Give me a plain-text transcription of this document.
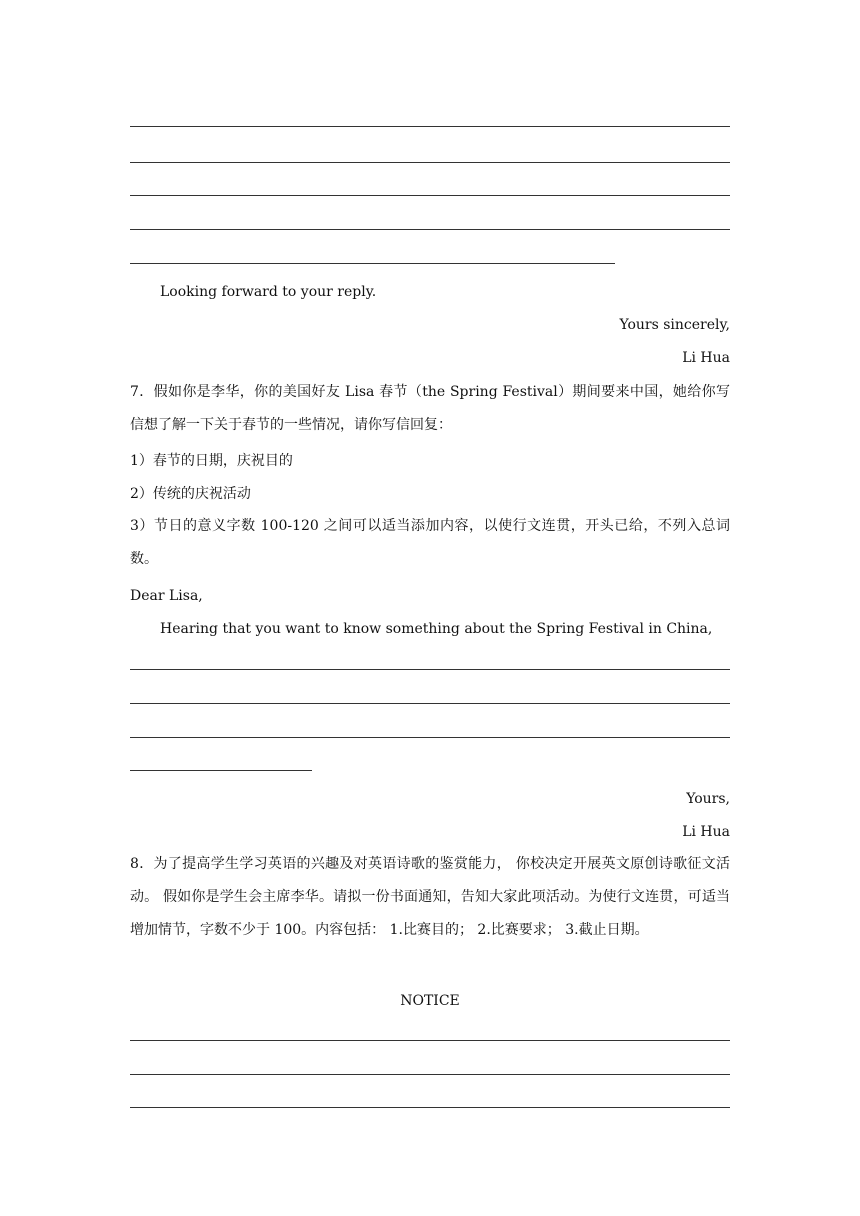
Looking forward to your reply.
Yours sincerely,
Li Hua
7．假如你是李华，你的美国好友 Lisa 春节（the Spring Festival）期间要来中国，她给你写信想了解一下关于春节的一些情况，请你写信回复：
1）春节的日期，庆祝目的
2）传统的庆祝活动
3）节日的意义字数 100-120 之间可以适当添加内容，以使行文连贯，开头已给，不列入总词数。
Dear Lisa,
Hearing that you want to know something about the Spring Festival in China,
Yours,
Li Hua
8．为了提高学生学习英语的兴趣及对英语诗歌的鉴赏能力， 你校决定开展英文原创诗歌征文活动。 假如你是学生会主席李华。请拟一份书面通知，告知大家此项活动。为使行文连贯，可适当增加情节，字数不少于 100。内容包括： 1.比赛目的； 2.比赛要求； 3.截止日期。
NOTICE
